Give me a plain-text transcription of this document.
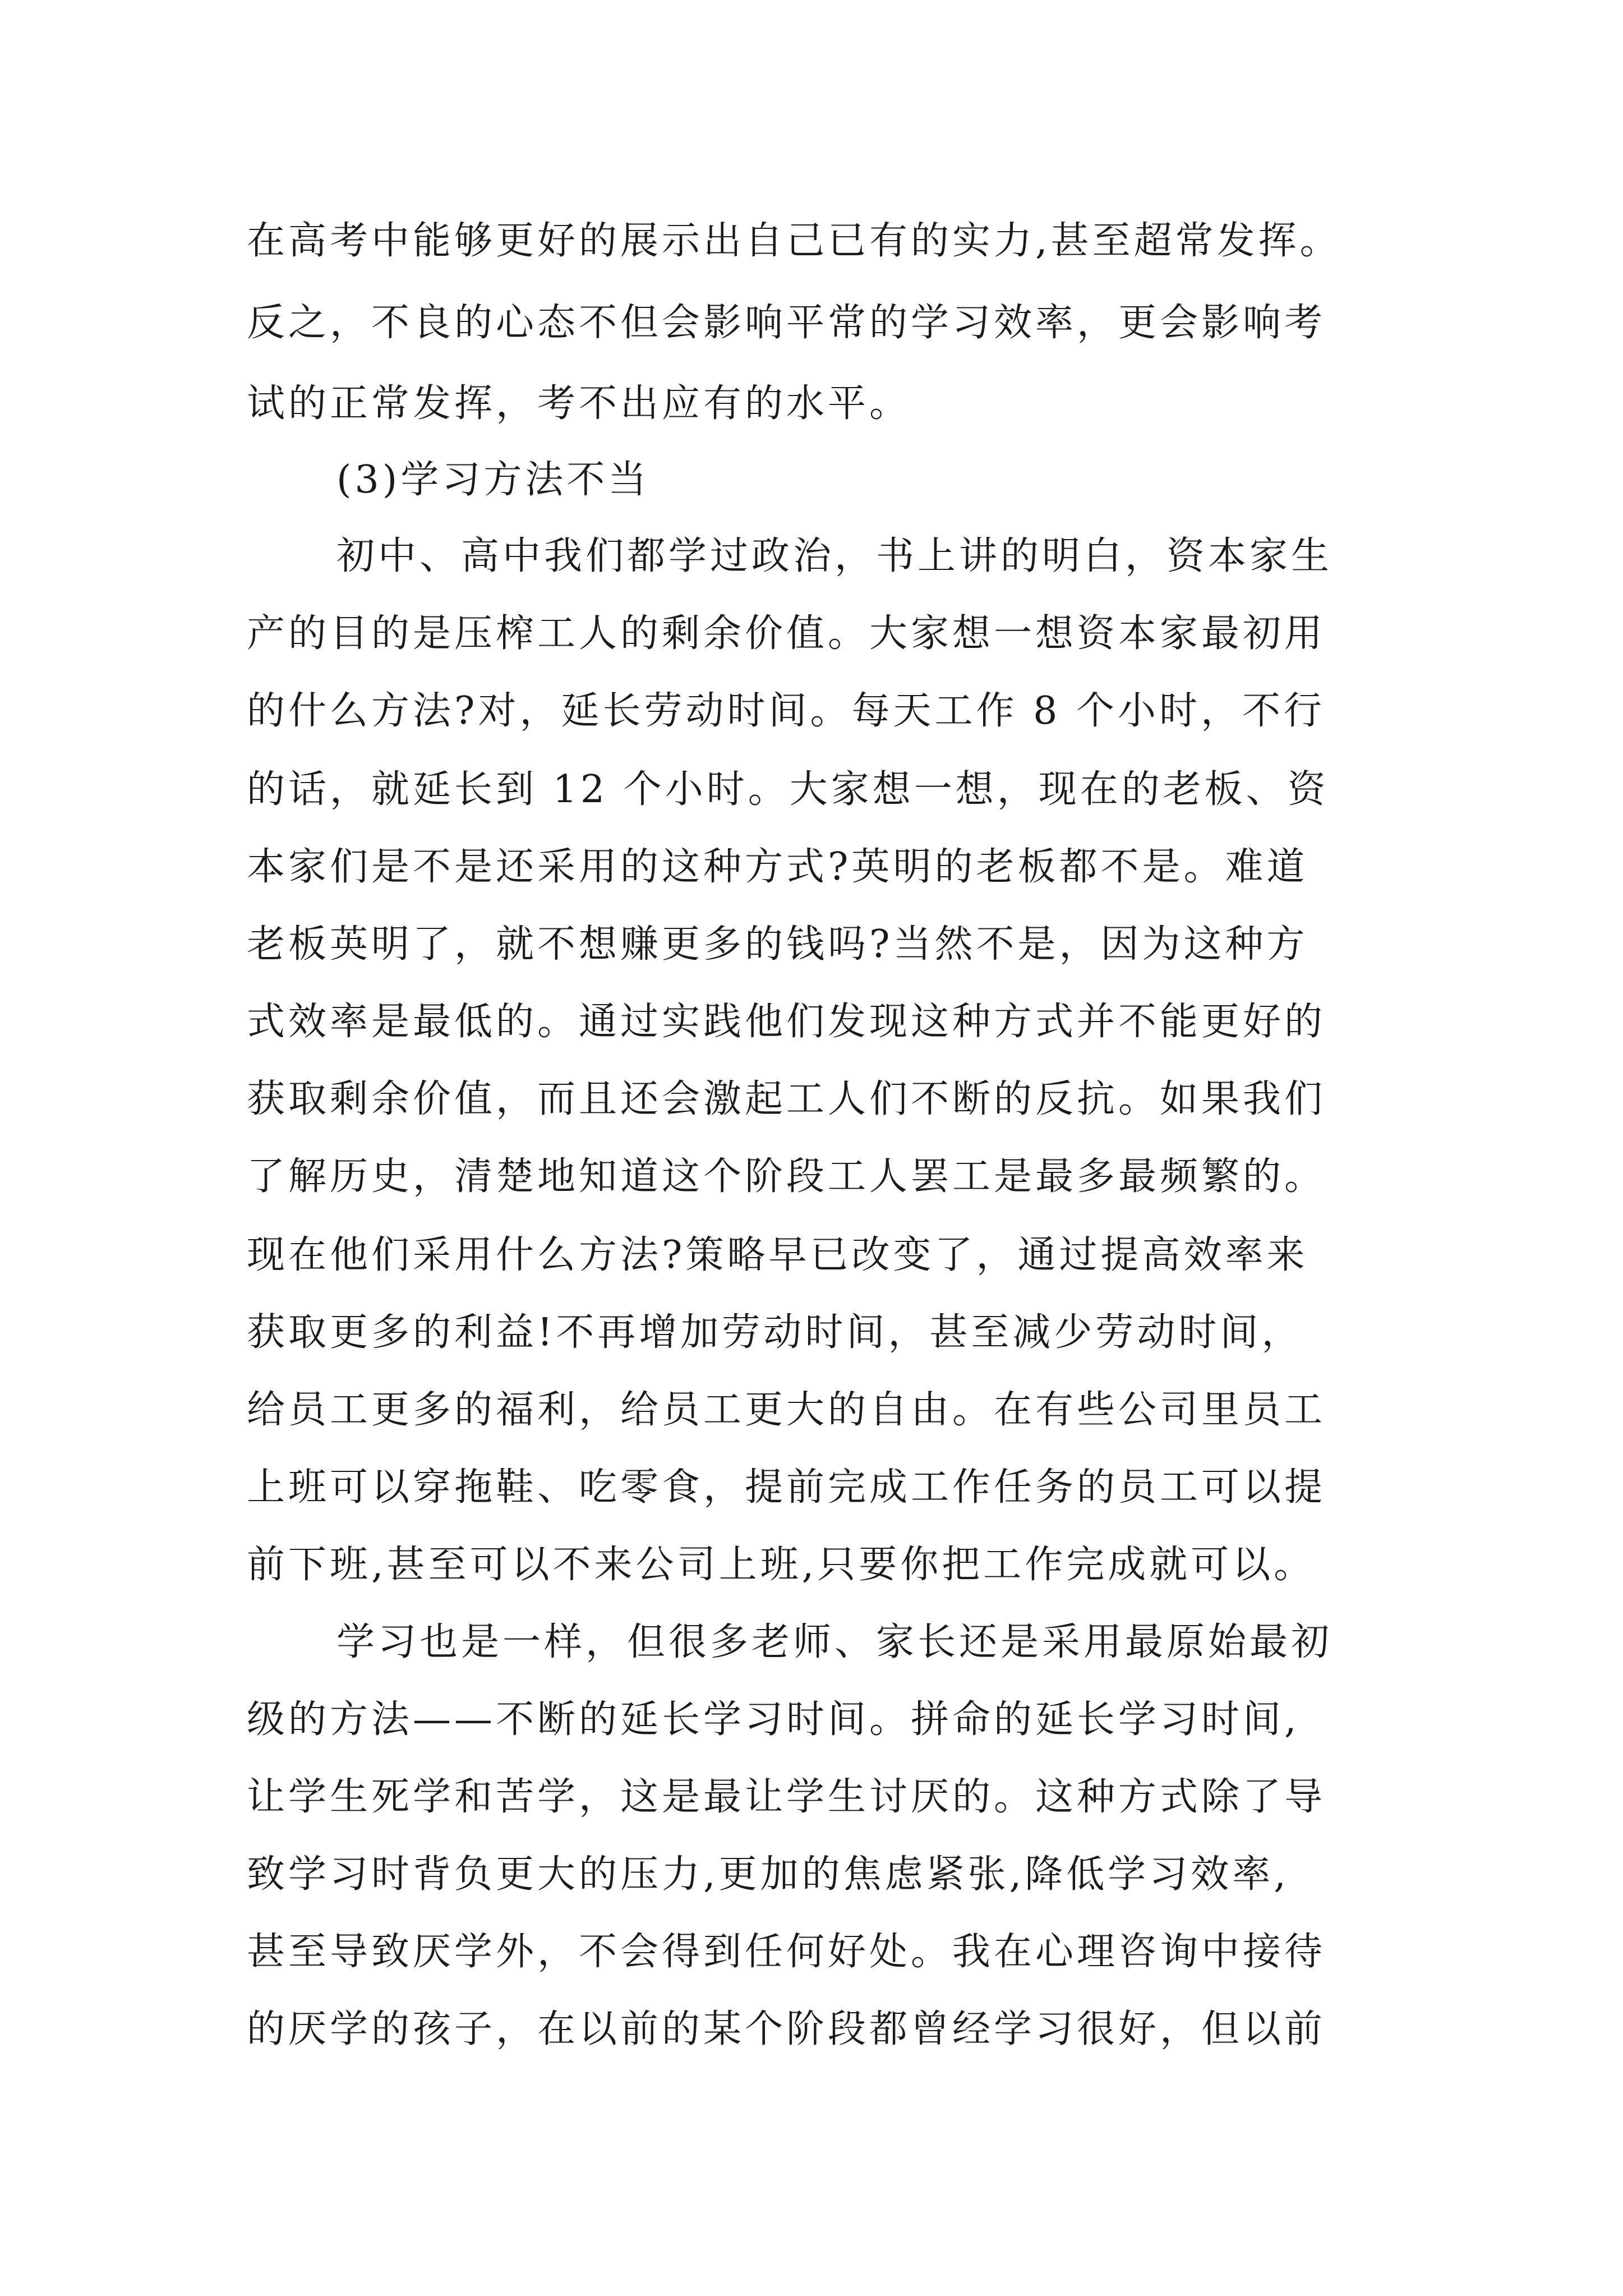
在高考中能够更好的展示出自己已有的实力,甚至超常发挥。
反之，不良的心态不但会影响平常的学习效率，更会影响考
试的正常发挥，考不出应有的水平。
(3)学习方法不当
初中、高中我们都学过政治，书上讲的明白，资本家生
产的目的是压榨工人的剩余价值。大家想一想资本家最初用
的什么方法?对，延长劳动时间。每天工作 8 个小时，不行
的话，就延长到 12 个小时。大家想一想，现在的老板、资
本家们是不是还采用的这种方式?英明的老板都不是。难道
老板英明了，就不想赚更多的钱吗?当然不是，因为这种方
式效率是最低的。通过实践他们发现这种方式并不能更好的
获取剩余价值，而且还会激起工人们不断的反抗。如果我们
了解历史，清楚地知道这个阶段工人罢工是最多最频繁的。
现在他们采用什么方法?策略早已改变了，通过提高效率来
获取更多的利益!不再增加劳动时间，甚至减少劳动时间，
给员工更多的福利，给员工更大的自由。在有些公司里员工
上班可以穿拖鞋、吃零食，提前完成工作任务的员工可以提
前下班,甚至可以不来公司上班,只要你把工作完成就可以。
学习也是一样，但很多老师、家长还是采用最原始最初
级的方法——不断的延长学习时间。拼命的延长学习时间,
让学生死学和苦学，这是最让学生讨厌的。这种方式除了导
致学习时背负更大的压力,更加的焦虑紧张,降低学习效率,
甚至导致厌学外，不会得到任何好处。我在心理咨询中接待
的厌学的孩子，在以前的某个阶段都曾经学习很好，但以前
